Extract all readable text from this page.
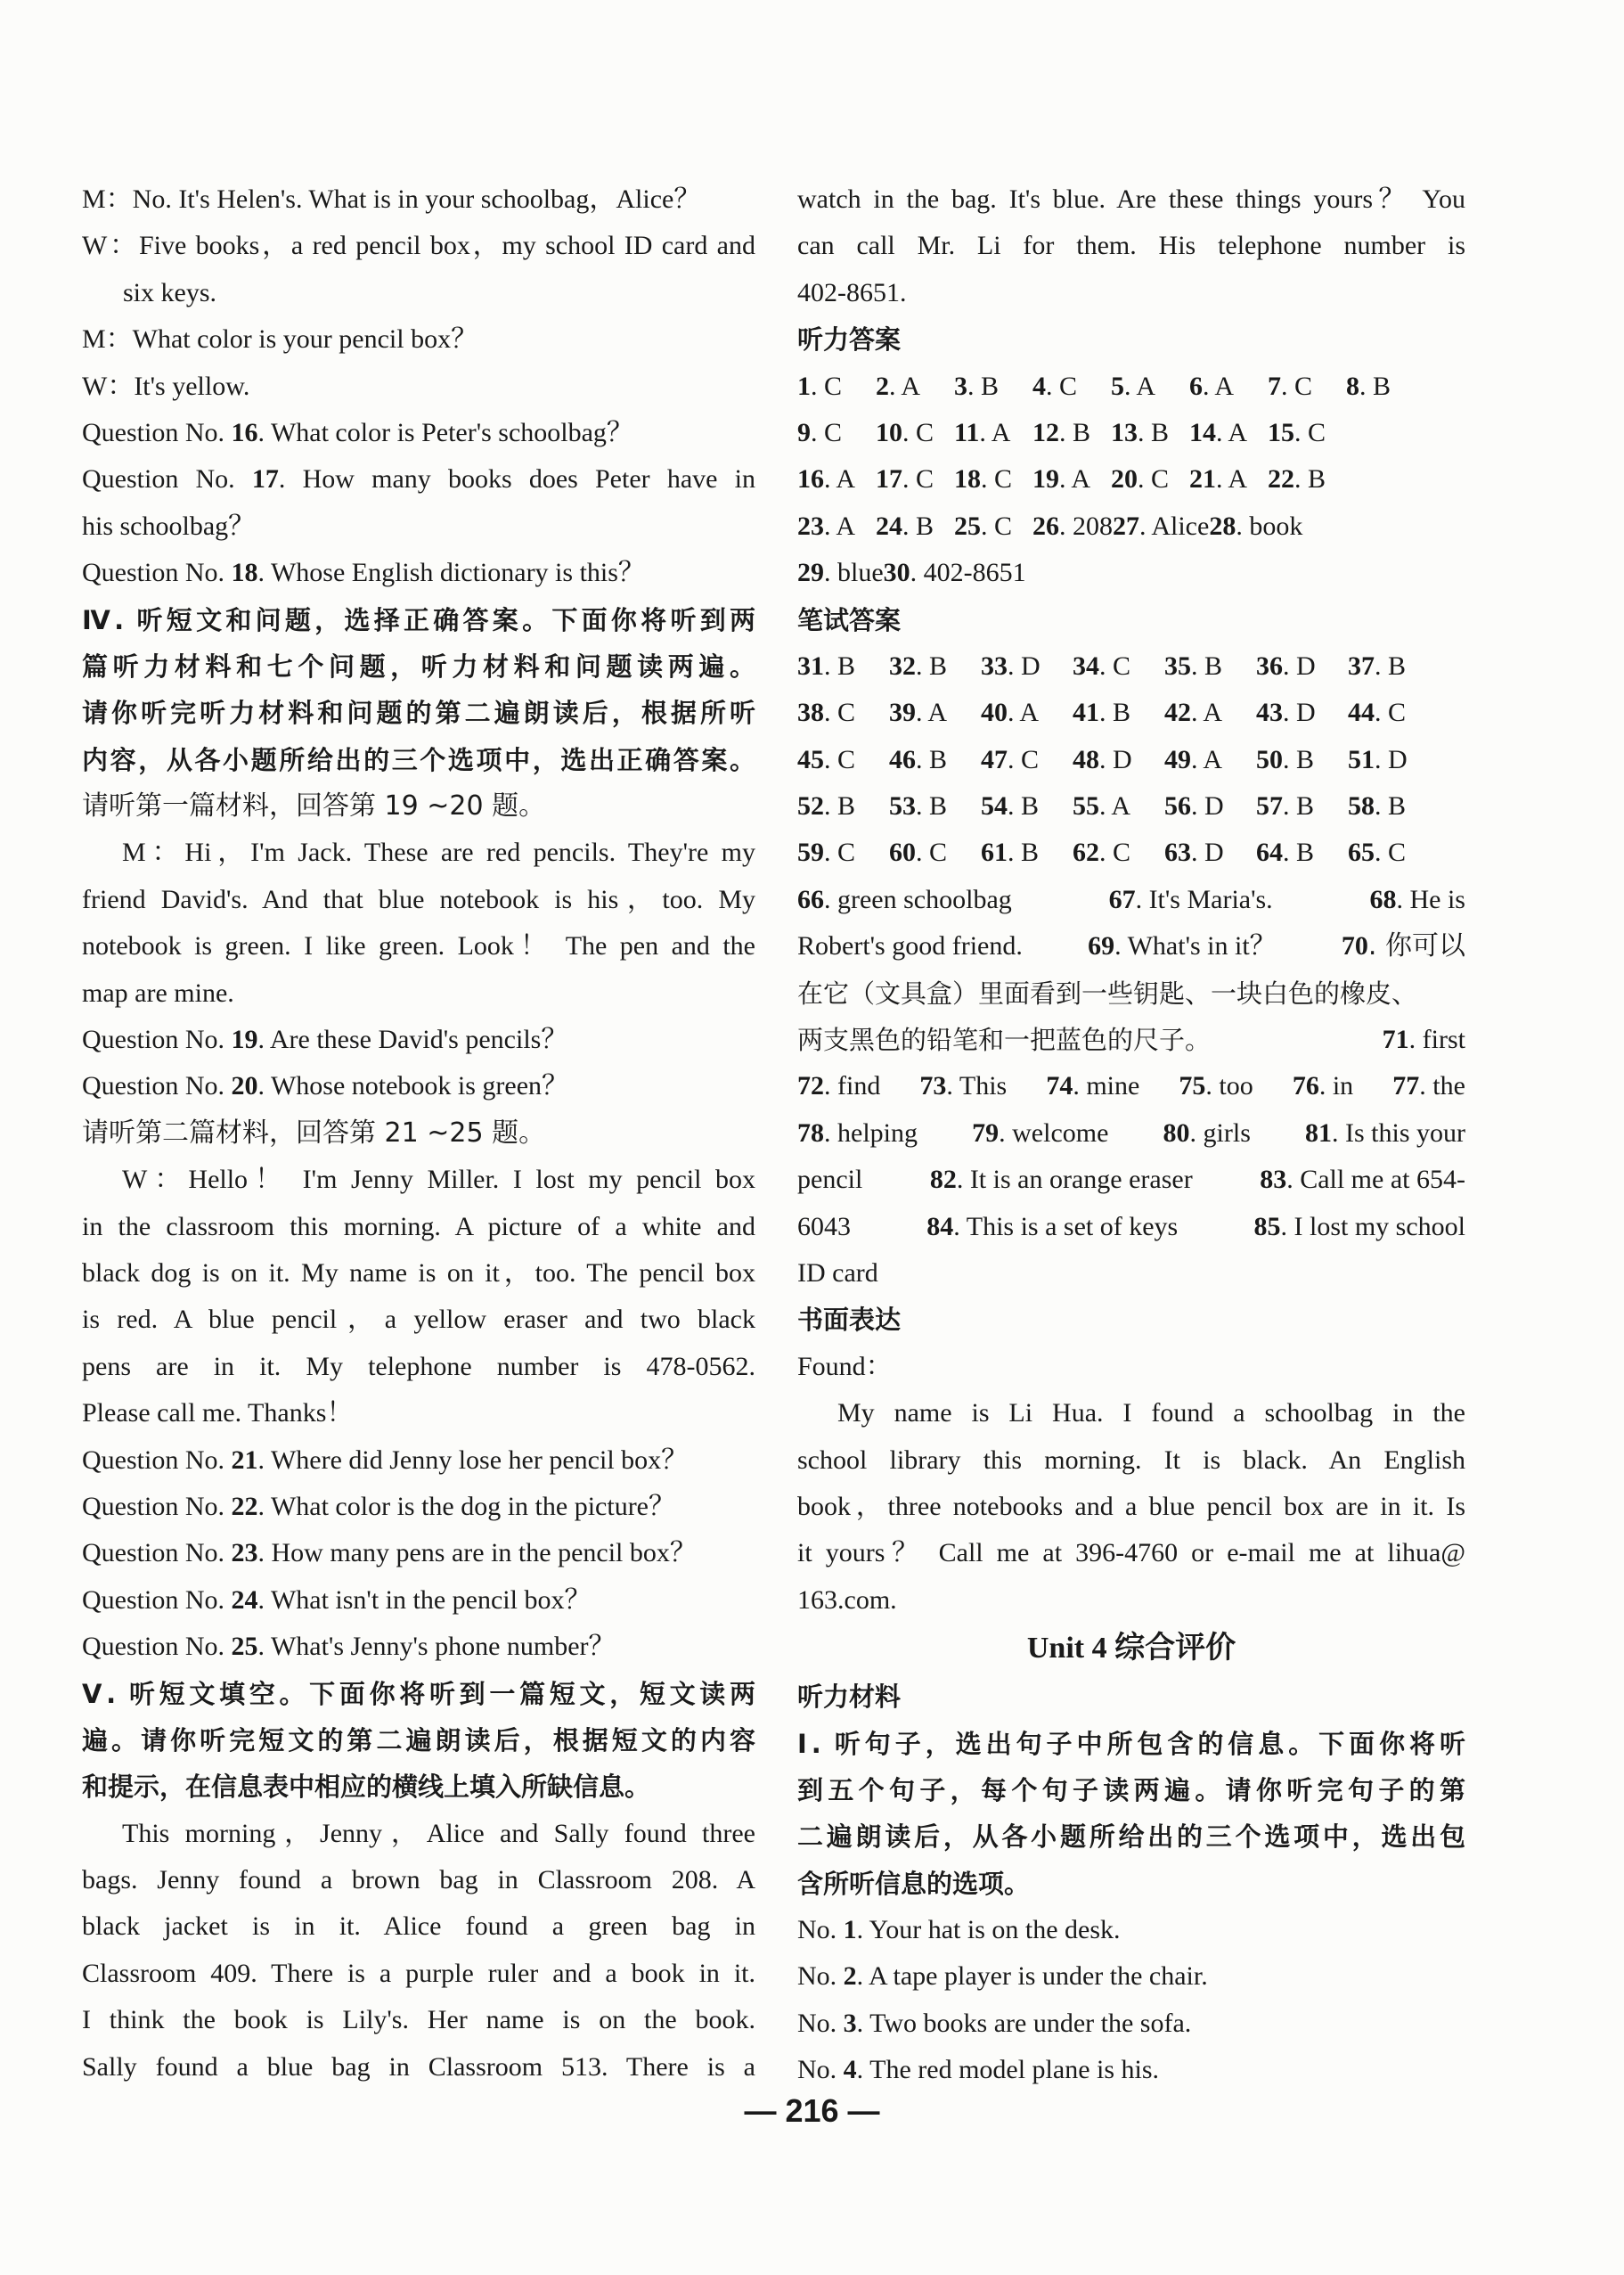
M：No. It's Helen's. What is in your schoolbag，Alice？
W：Five books，a red pencil box，my school ID card and
six keys.
M：What color is your pencil box？
W：It's yellow.
Question No. 16. What color is Peter's schoolbag？
Question No. 17. How many books does Peter have in
his schoolbag？
Question No. 18. Whose English dictionary is this？
Ⅳ. 听短文和问题，选择正确答案。下面你将听到两
篇听力材料和七个问题，听力材料和问题读两遍。
请你听完听力材料和问题的第二遍朗读后，根据所听
内容，从各小题所给出的三个选项中，选出正确答案。
请听第一篇材料，回答第 19 ~20 题。
M：Hi，I'm Jack. These are red pencils. They're my
friend David's. And that blue notebook is his，too. My
notebook is green. I like green. Look！ The pen and the
map are mine.
Question No. 19. Are these David's pencils？
Question No. 20. Whose notebook is green？
请听第二篇材料，回答第 21 ~25 题。
W：Hello！ I'm Jenny Miller. I lost my pencil box
in the classroom this morning. A picture of a white and
black dog is on it. My name is on it，too. The pencil box
is red. A blue pencil，a yellow eraser and two black
pens are in it. My telephone number is 478-0562.
Please call me. Thanks！
Question No. 21. Where did Jenny lose her pencil box？
Question No. 22. What color is the dog in the picture？
Question No. 23. How many pens are in the pencil box？
Question No. 24. What isn't in the pencil box？
Question No. 25. What's Jenny's phone number？
Ⅴ. 听短文填空。下面你将听到一篇短文，短文读两
遍。请你听完短文的第二遍朗读后，根据短文的内容
和提示，在信息表中相应的横线上填入所缺信息。
This morning，Jenny，Alice and Sally found three
bags. Jenny found a brown bag in Classroom 208. A
black jacket is in it. Alice found a green bag in
Classroom 409. There is a purple ruler and a book in it.
I think the book is Lily's. Her name is on the book.
Sally found a blue bag in Classroom 513. There is a
watch in the bag. It's blue. Are these things yours？ You
can call Mr. Li for them. His telephone number is
402-8651.
听力答案
1. C 2. A 3. B 4. C 5. A 6. A 7. C 8. B
9. C 10. C 11. A 12. B 13. B 14. A 15. C
16. A 17. C 18. C 19. A 20. C 21. A 22. B
23. A 24. B 25. C 26. 20827. Alice28. book
29. blue30. 402-8651
笔试答案
31. B 32. B 33. D 34. C 35. B 36. D 37. B
38. C 39. A 40. A 41. B 42. A 43. D 44. C
45. C 46. B 47. C 48. D 49. A 50. B 51. D
52. B 53. B 54. B 55. A 56. D 57. B 58. B
59. C 60. C 61. B 62. C 63. D 64. B 65. C
66. green schoolbag	67. It's Maria's.	68. He is
Robert's good friend. 69. What's in it？ 70. 你可以
在它（文具盒）里面看到一些钥匙、一块白色的橡皮、
两支黑色的铅笔和一把蓝色的尺子。	71. first
72. find 73. This 74. mine 75. too 76. in 77. the
78. helping 79. welcome 80. girls 81. Is this your
pencil	82. It is an orange eraser	83. Call me at 654-
6043	84. This is a set of keys	85. I lost my school
ID card
书面表达
Found：
My name is Li Hua. I found a schoolbag in the
school library this morning. It is black. An English
book，three notebooks and a blue pencil box are in it. Is
it yours？ Call me at 396-4760 or e-mail me at lihua@
163.com.
Unit 4 综合评价
听力材料
Ⅰ. 听句子，选出句子中所包含的信息。下面你将听
到五个句子，每个句子读两遍。请你听完句子的第
二遍朗读后，从各小题所给出的三个选项中，选出包
含所听信息的选项。
No. 1. Your hat is on the desk.
No. 2. A tape player is under the chair.
No. 3. Two books are under the sofa.
No. 4. The red model plane is his.
— 216 —
